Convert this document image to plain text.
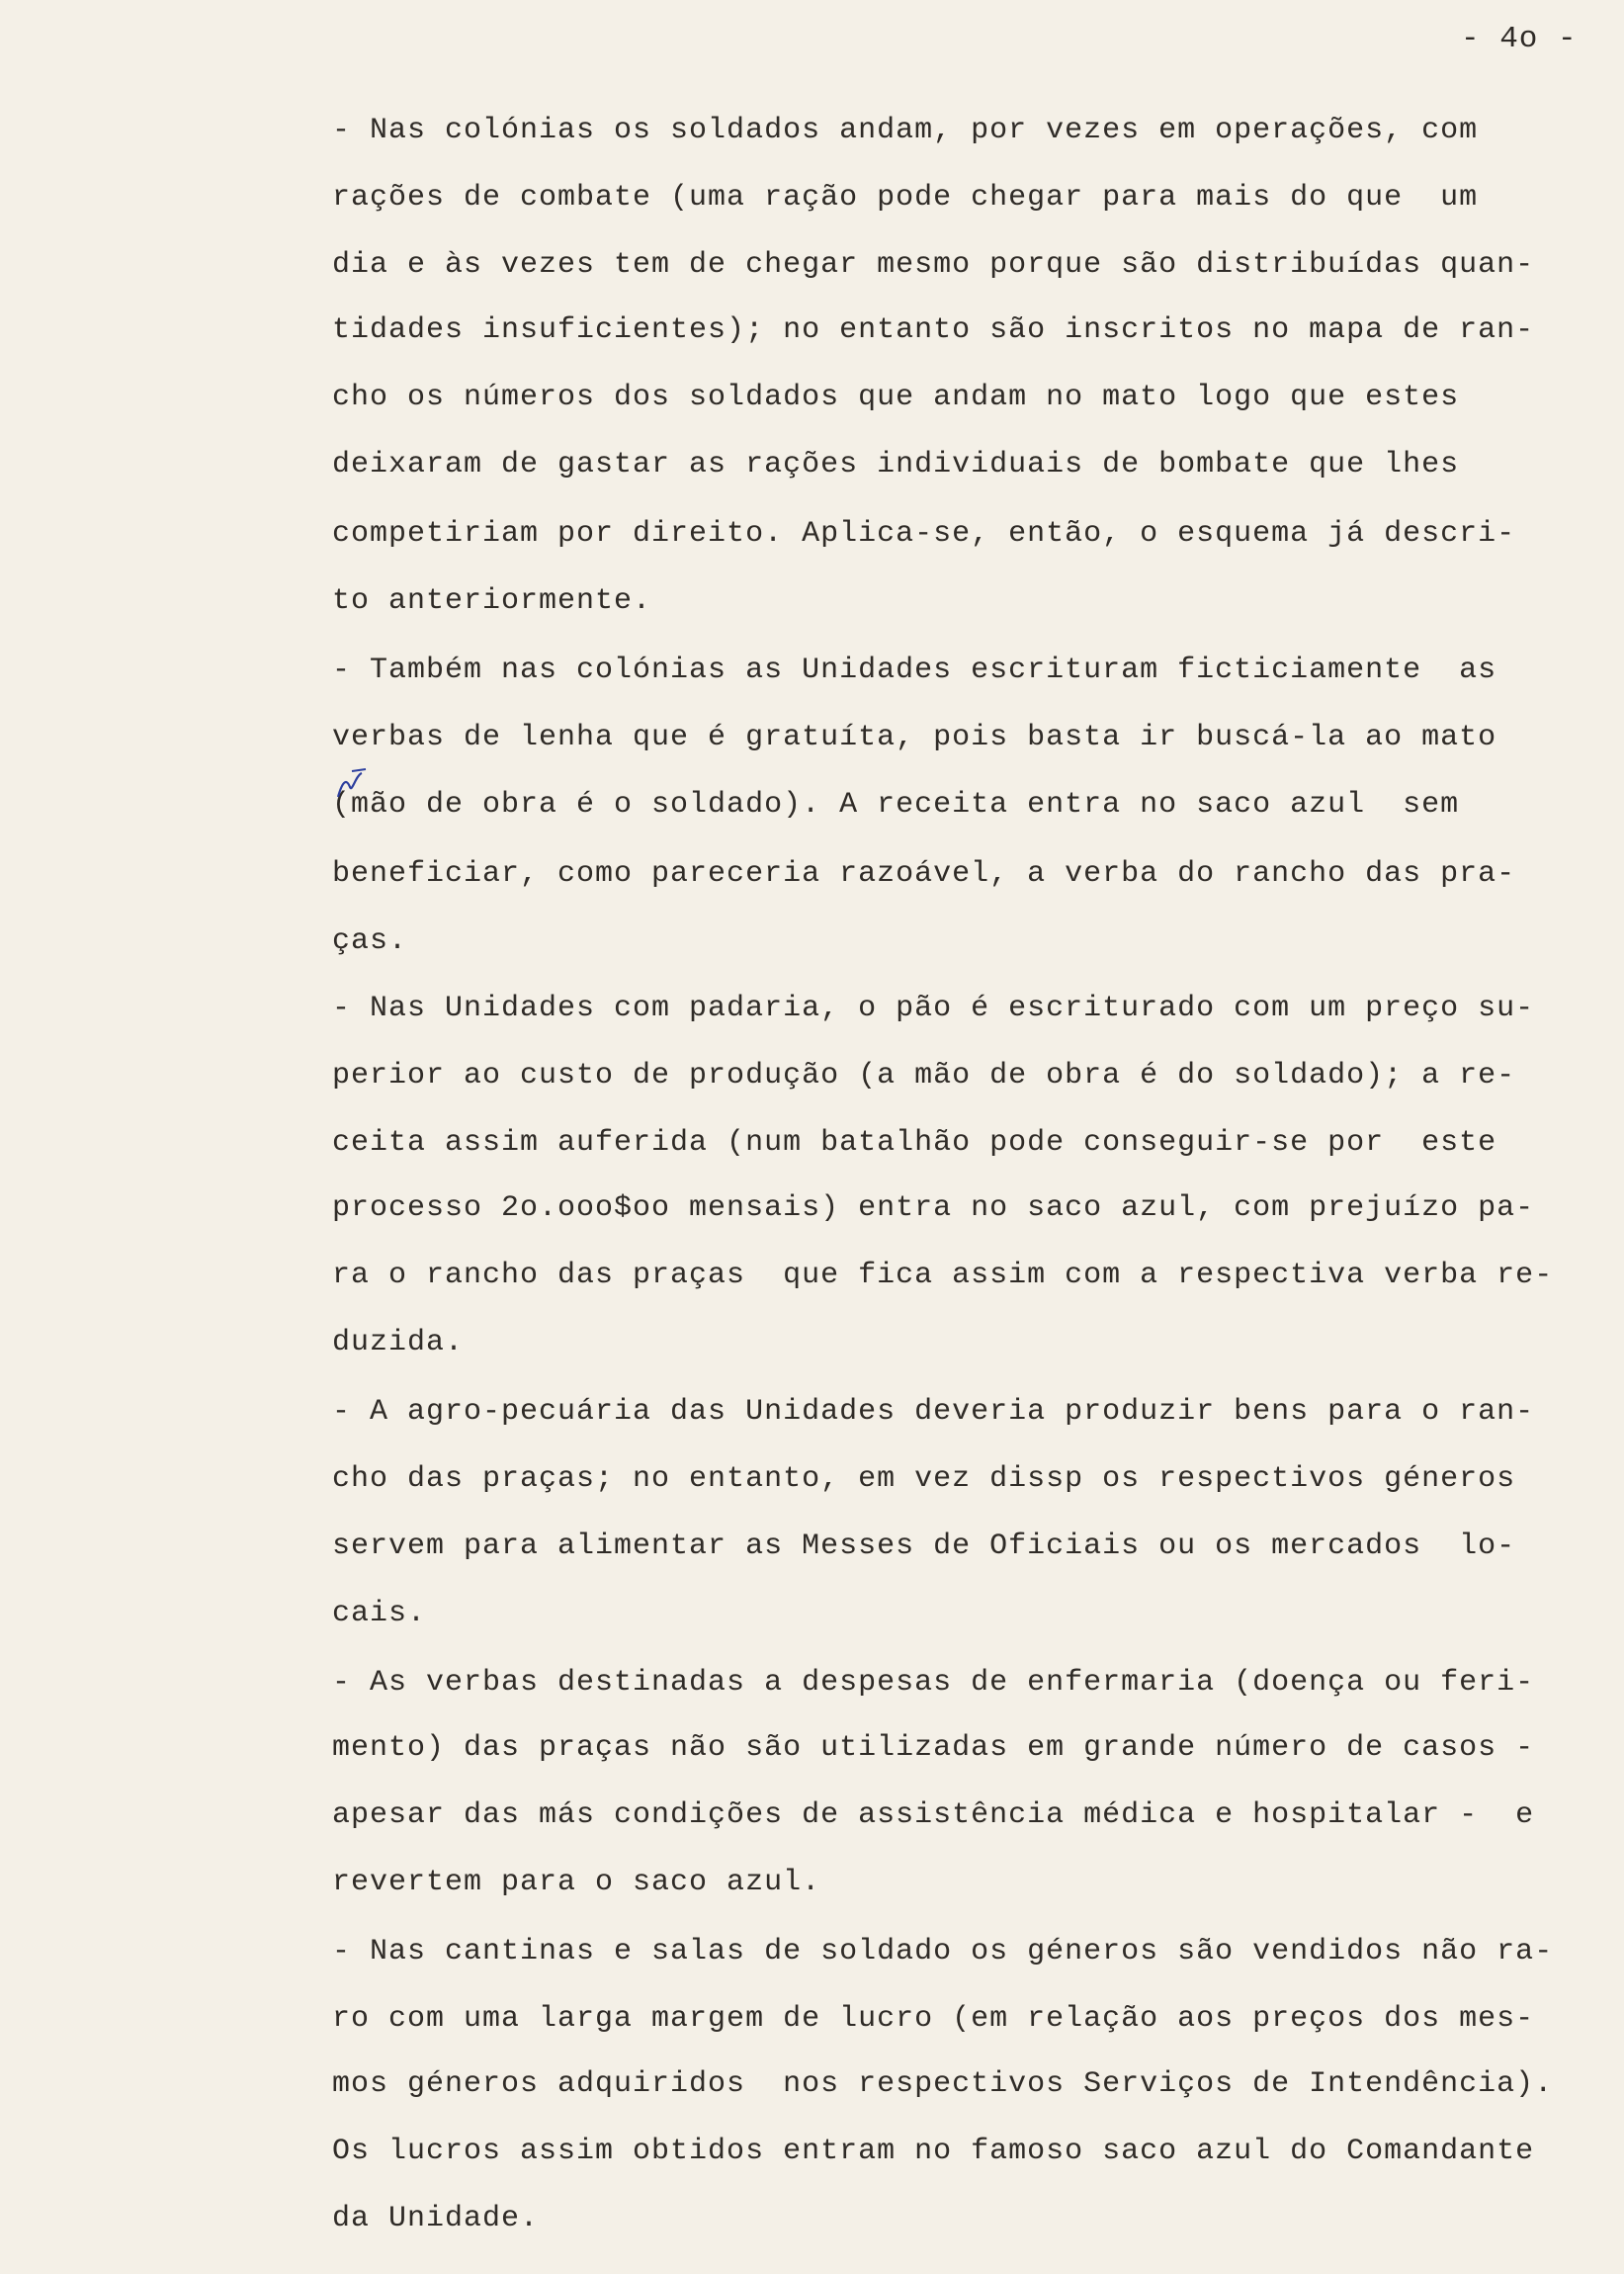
- 4o -
- Nas colónias os soldados andam, por vezes em operações, com
rações de combate (uma ração pode chegar para mais do que  um
dia e às vezes tem de chegar mesmo porque são distribuídas quan-
tidades insuficientes); no entanto são inscritos no mapa de ran-
cho os números dos soldados que andam no mato logo que estes
deixaram de gastar as rações individuais de bombate que lhes
competiriam por direito. Aplica-se, então, o esquema já descri-
to anteriormente.
- Também nas colónias as Unidades escrituram ficticiamente  as
verbas de lenha que é gratuíta, pois basta ir buscá-la ao mato
(mão de obra é o soldado). A receita entra no saco azul  sem
beneficiar, como pareceria razoável, a verba do rancho das pra-
ças.
- Nas Unidades com padaria, o pão é escriturado com um preço su-
perior ao custo de produção (a mão de obra é do soldado); a re-
ceita assim auferida (num batalhão pode conseguir-se por  este
processo 2o.ooo$oo mensais) entra no saco azul, com prejuízo pa-
ra o rancho das praças  que fica assim com a respectiva verba re-
duzida.
- A agro-pecuária das Unidades deveria produzir bens para o ran-
cho das praças; no entanto, em vez dissp os respectivos géneros
servem para alimentar as Messes de Oficiais ou os mercados  lo-
cais.
- As verbas destinadas a despesas de enfermaria (doença ou feri-
mento) das praças não são utilizadas em grande número de casos -
apesar das más condições de assistência médica e hospitalar -  e
revertem para o saco azul.
- Nas cantinas e salas de soldado os géneros são vendidos não ra-
ro com uma larga margem de lucro (em relação aos preços dos mes-
mos géneros adquiridos  nos respectivos Serviços de Intendência).
Os lucros assim obtidos entram no famoso saco azul do Comandante
da Unidade.
